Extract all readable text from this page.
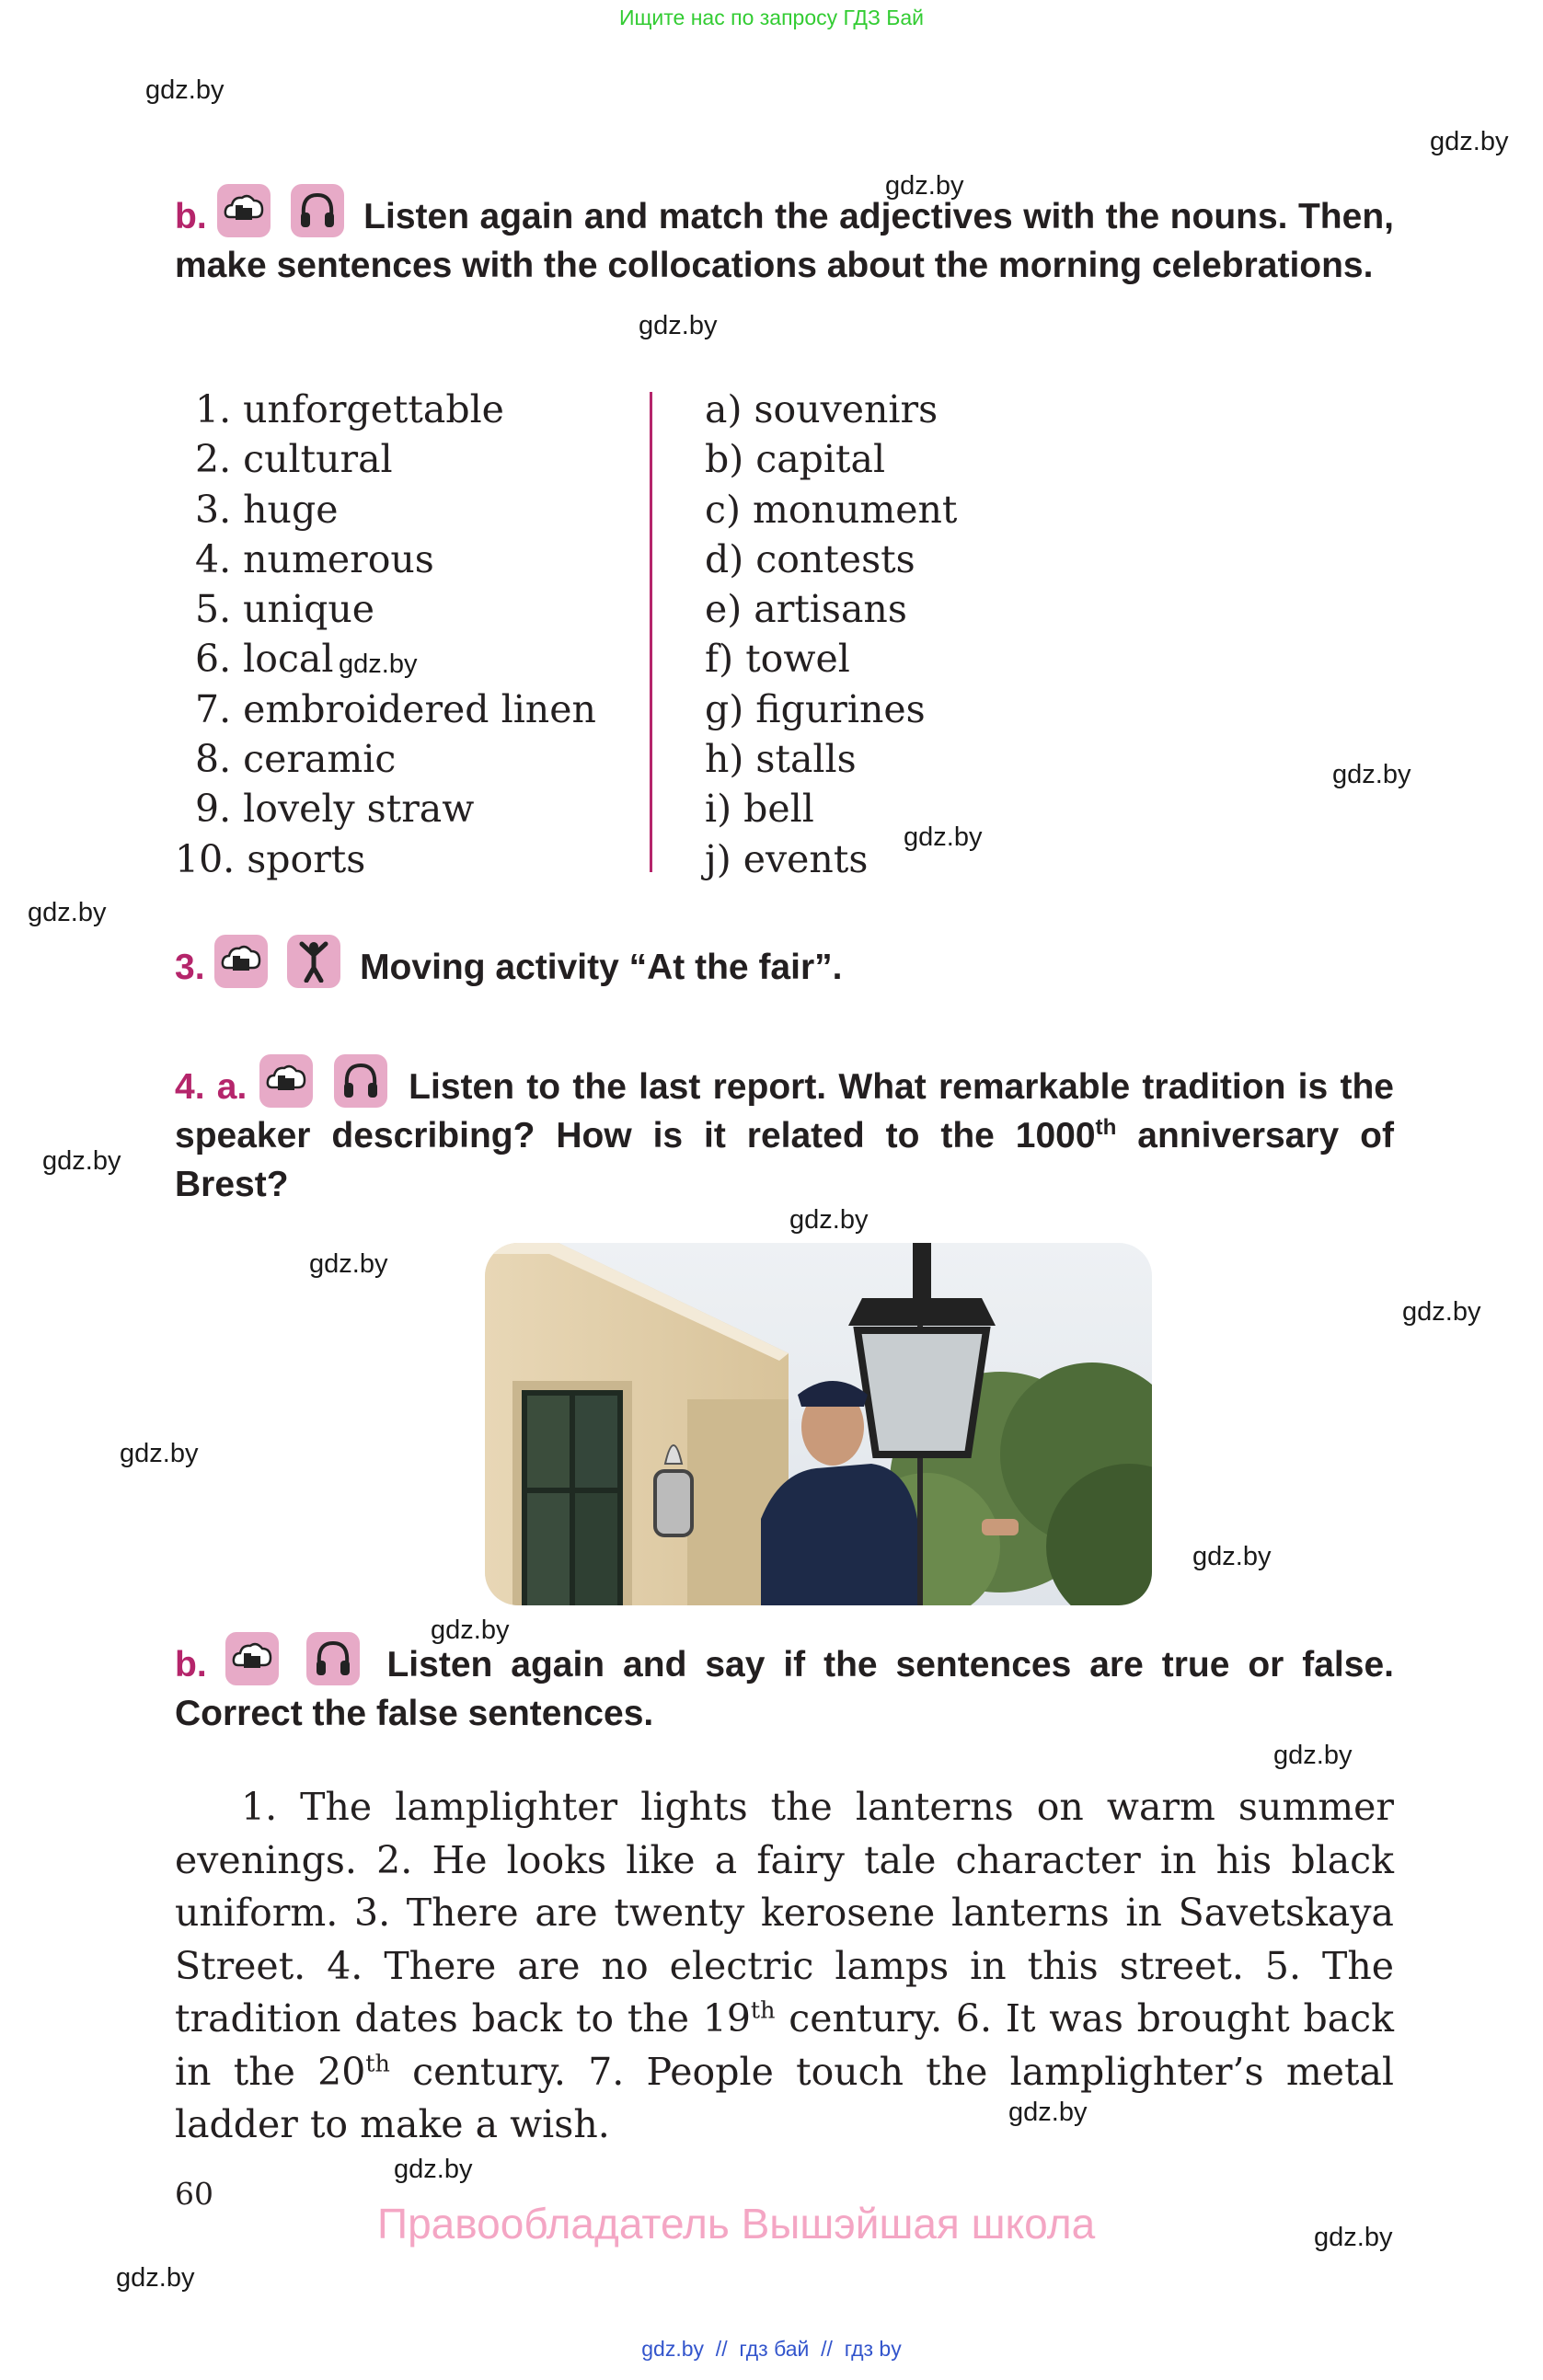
Ищите нас по запросу ГДЗ Бай
gdz.by
gdz.by
gdz.by
gdz.by
gdz.by
gdz.by
gdz.by
gdz.by
gdz.by
gdz.by
gdz.by
gdz.by
gdz.by
gdz.by
gdz.by
gdz.by
gdz.by
gdz.by
gdz.by
gdz.by
b.
	Listen again and match the adjectives with the nouns. Then, make sentences with the collocations about the morning celebrations.
1. unforgettable
2. cultural
3. huge
4. numerous
5. unique
6. local
7. embroidered linen
8. ceramic
9. lovely straw
10. sports
a) souvenirs
b) capital
c) monument
d) contests
e) artisans
f) towel
g) figurines
h) stalls
i) bell
j) events
3.
	Moving activity “At the fair”.
4. a.
	Listen to the last report. What remarkable tradition is the speaker describing? How is it related to the 1000th anniversary of Brest?
b.
	Listen again and say if the sentences are true or false. Correct the false sentences.

1. The lamplighter lights the lanterns on warm summer evenings. 2. He looks like a fairy tale character in his black uniform. 3. There are twenty kerosene lanterns in Savetskaya Street. 4. There are no electric lamps in this street. 5. The tradition dates back to the 19th century. 6. It was brought back in the 20th century. 7. People touch the lamplighter’s metal ladder to make a wish.

60
Правообладатель Вышэйшая школа
gdz.by  //  гдз бай  //  гдз by
